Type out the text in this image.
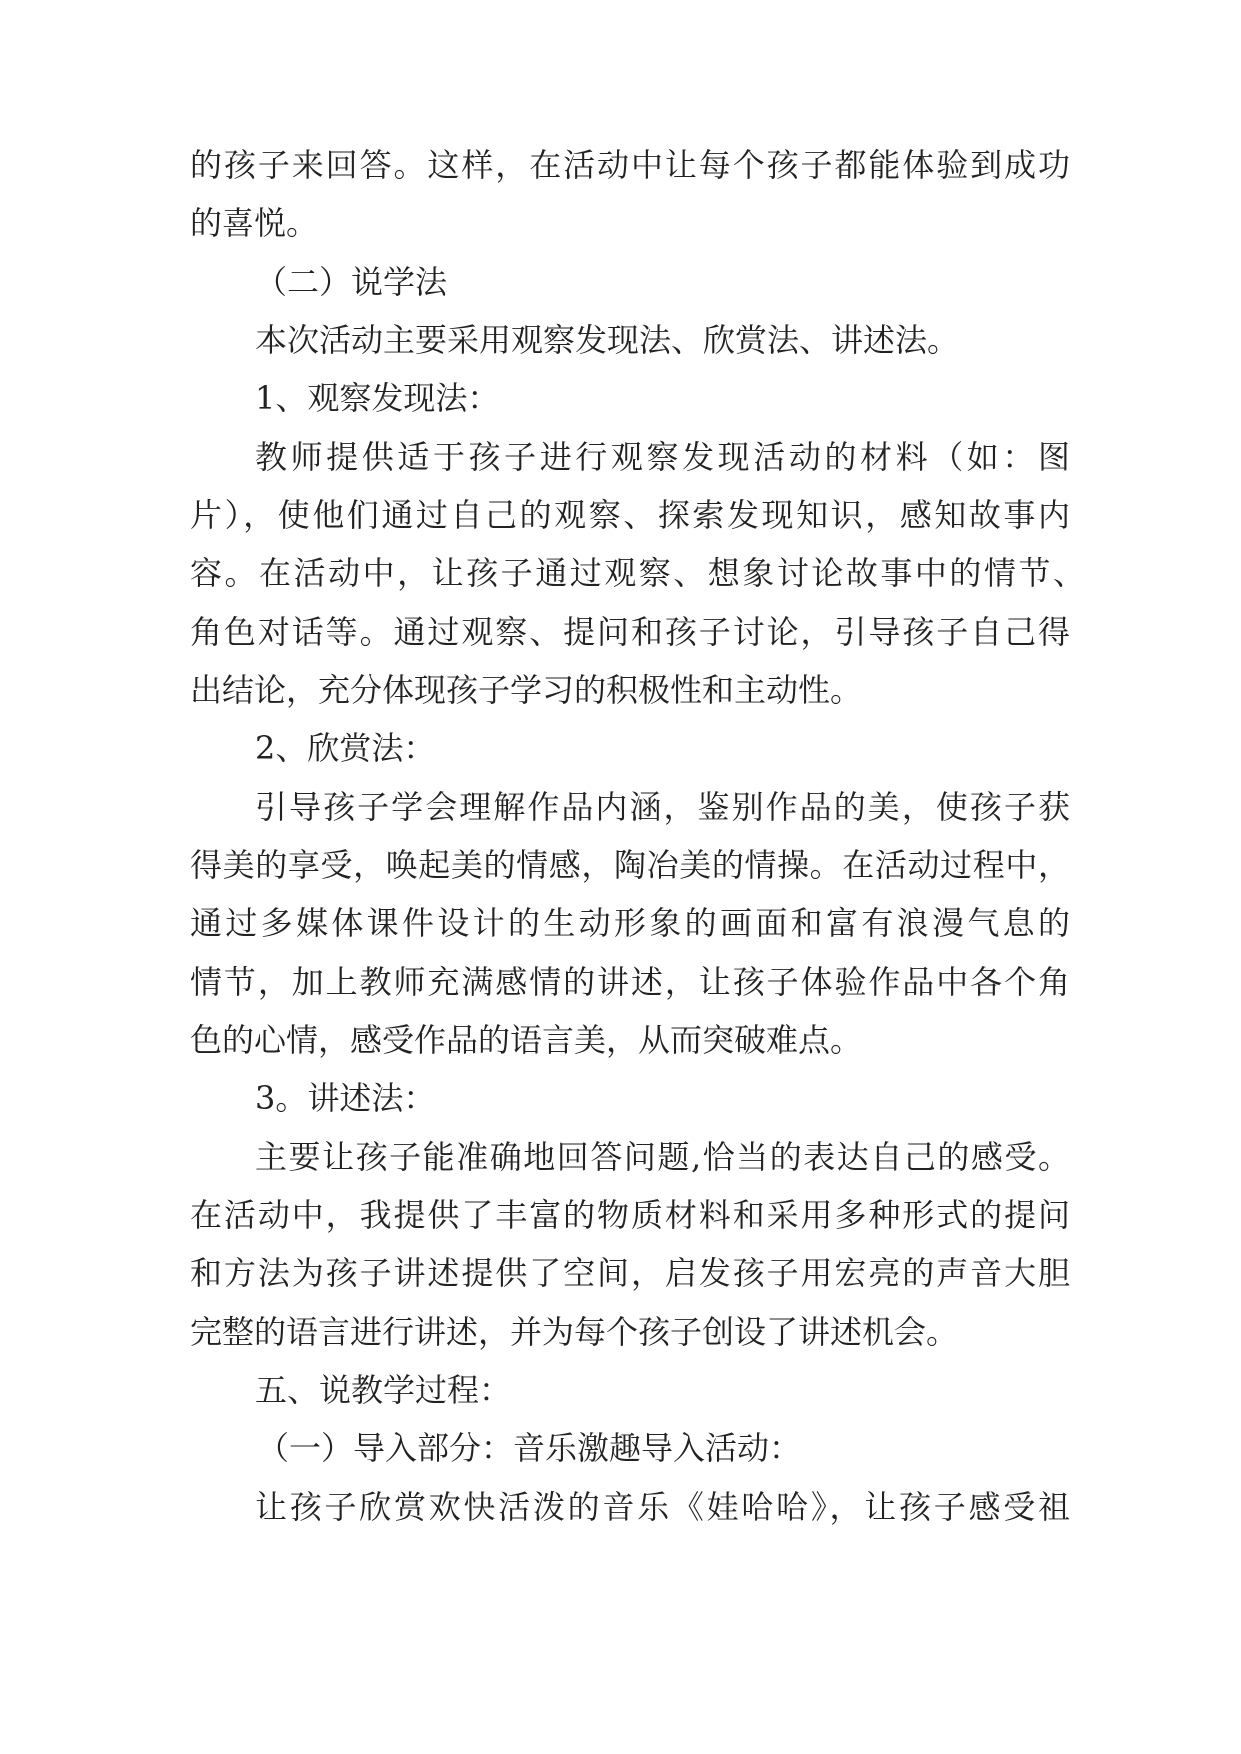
的孩子来回答。这样，在活动中让每个孩子都能体验到成功
的喜悦。
（二）说学法
本次活动主要采用观察发现法、欣赏法、讲述法。
1、观察发现法：
教师提供适于孩子进行观察发现活动的材料（如：图
片），使他们通过自己的观察、探索发现知识，感知故事内
容。在活动中，让孩子通过观察、想象讨论故事中的情节、
角色对话等。通过观察、提问和孩子讨论，引导孩子自己得
出结论，充分体现孩子学习的积极性和主动性。
2、欣赏法：
引导孩子学会理解作品内涵，鉴别作品的美，使孩子获
得美的享受，唤起美的情感，陶冶美的情操。在活动过程中，
通过多媒体课件设计的生动形象的画面和富有浪漫气息的
情节，加上教师充满感情的讲述，让孩子体验作品中各个角
色的心情，感受作品的语言美，从而突破难点。
3。讲述法：
主要让孩子能准确地回答问题,恰当的表达自己的感受。
在活动中，我提供了丰富的物质材料和采用多种形式的提问
和方法为孩子讲述提供了空间，启发孩子用宏亮的声音大胆
完整的语言进行讲述，并为每个孩子创设了讲述机会。
五、说教学过程：
（一）导入部分：音乐激趣导入活动：
让孩子欣赏欢快活泼的音乐《娃哈哈》，让孩子感受祖
